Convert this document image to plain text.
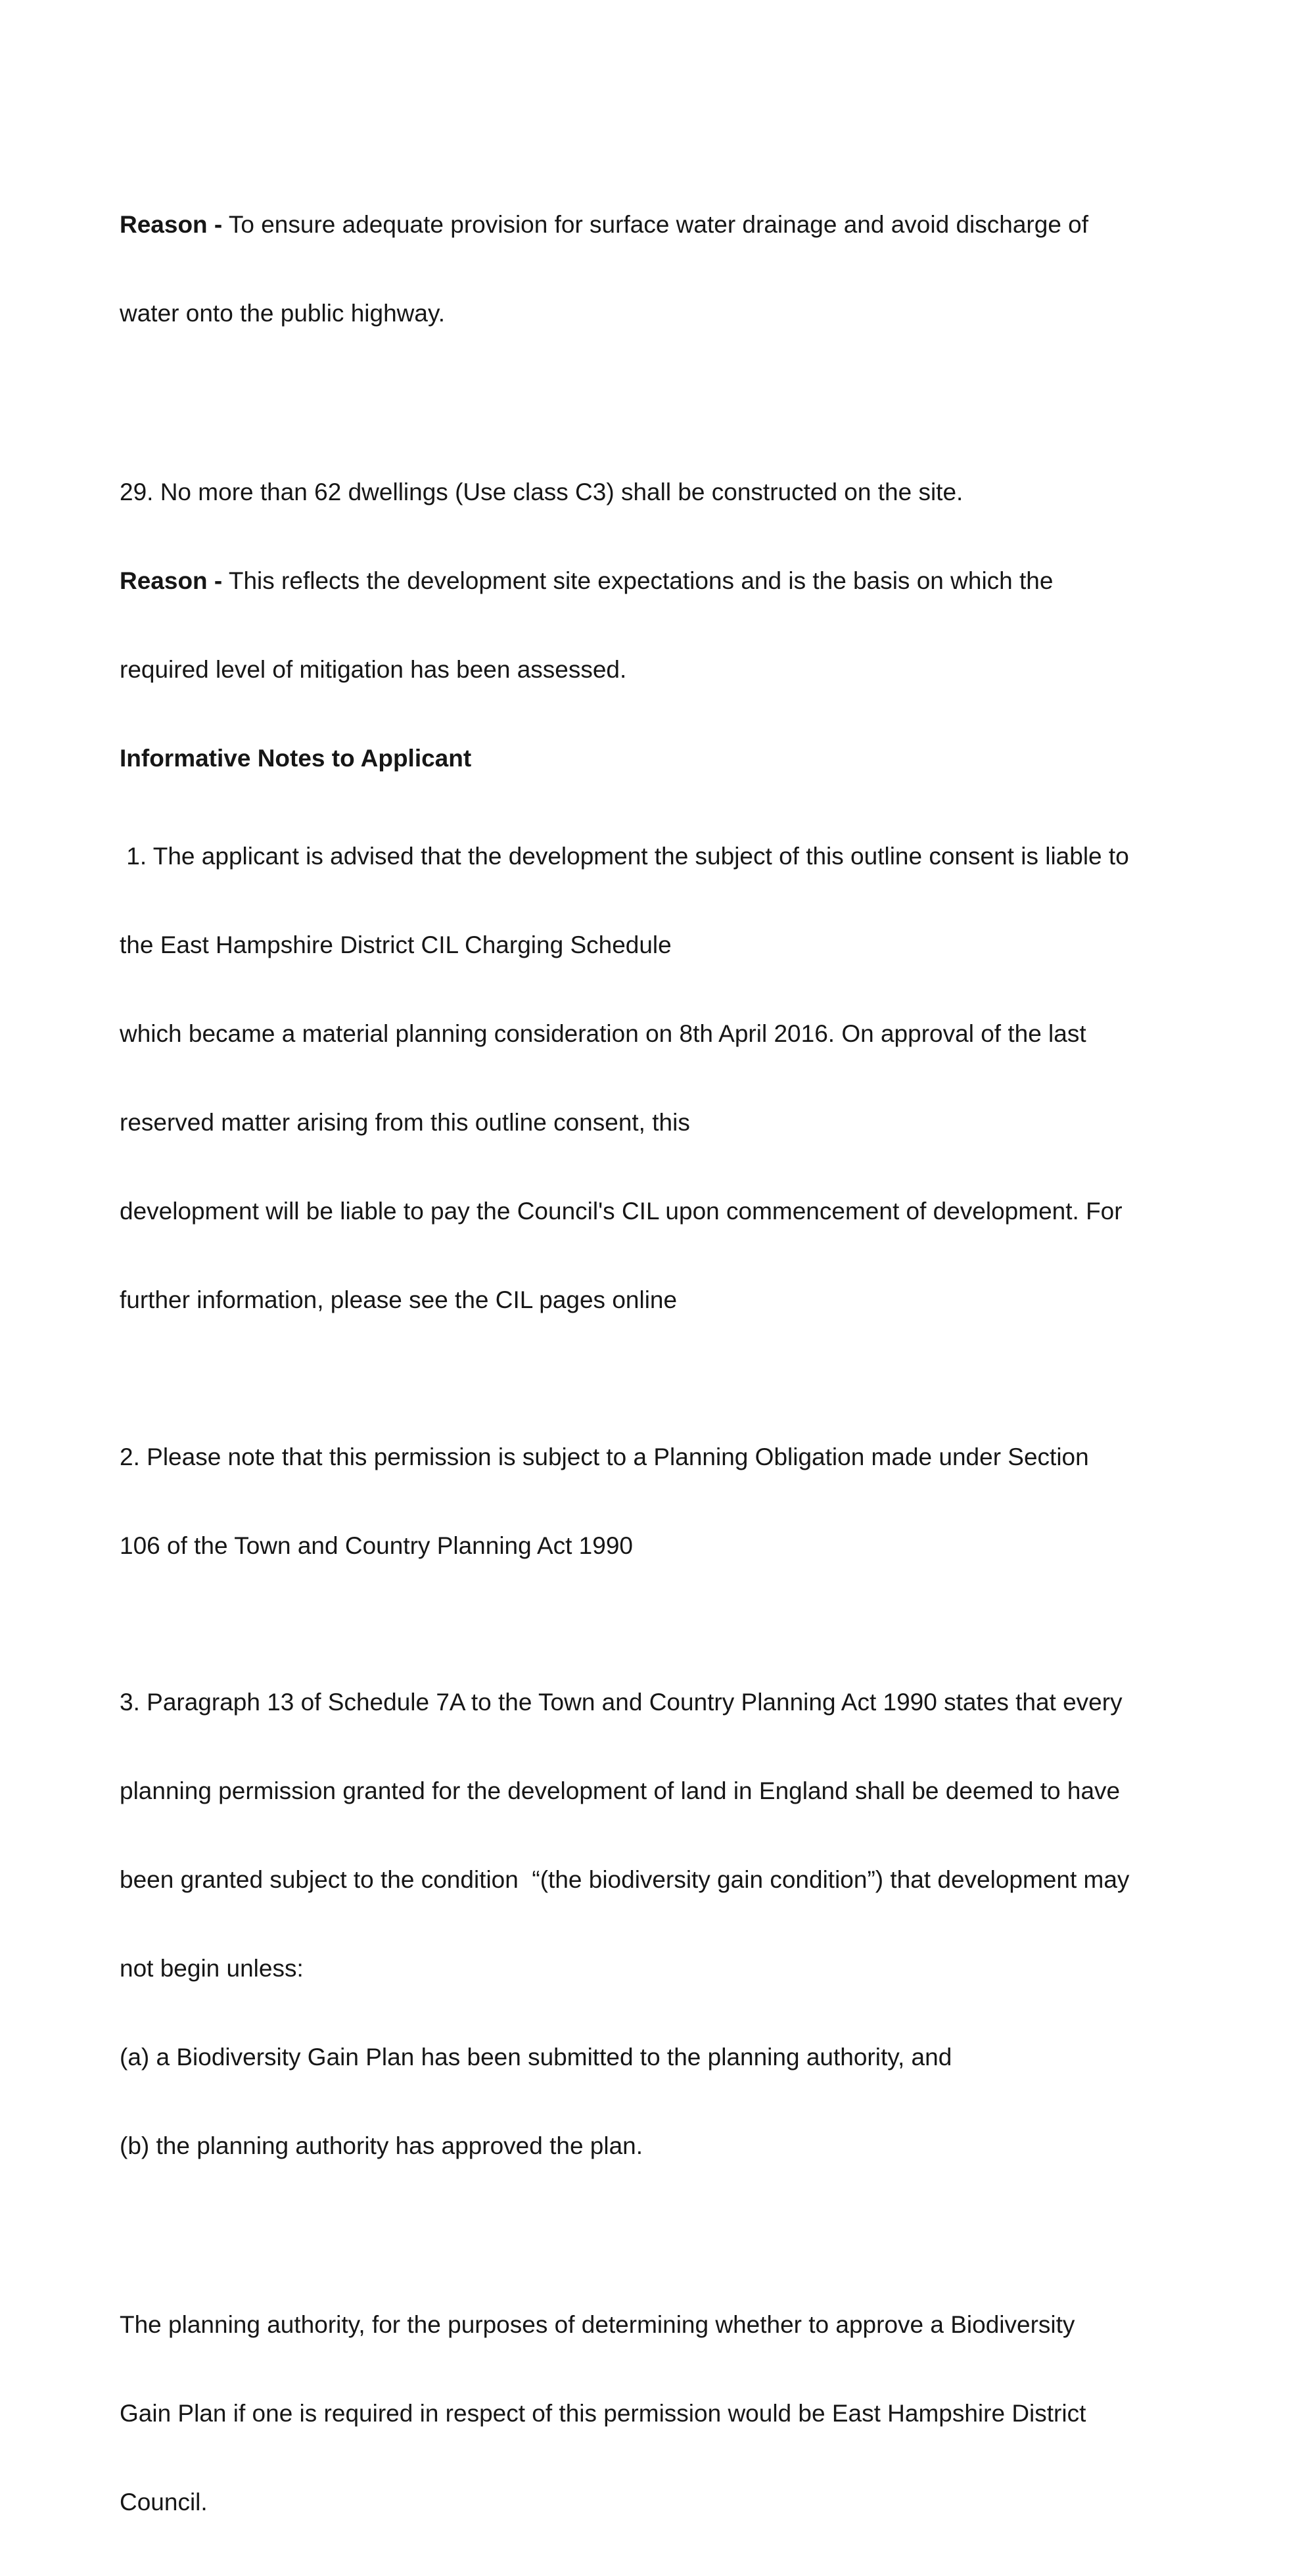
Reason - To ensure adequate provision for surface water drainage and avoid discharge of

water onto the public highway.

29. No more than 62 dwellings (Use class C3) shall be constructed on the site.

Reason - This reflects the development site expectations and is the basis on which the

required level of mitigation has been assessed.

Informative Notes to Applicant

1. The applicant is advised that the development the subject of this outline consent is liable to

the East Hampshire District CIL Charging Schedule

which became a material planning consideration on 8th April 2016. On approval of the last

reserved matter arising from this outline consent, this

development will be liable to pay the Council's CIL upon commencement of development. For

further information, please see the CIL pages online

2. Please note that this permission is subject to a Planning Obligation made under Section

106 of the Town and Country Planning Act 1990

3. Paragraph 13 of Schedule 7A to the Town and Country Planning Act 1990 states that every

planning permission granted for the development of land in England shall be deemed to have

been granted subject to the condition  “(the biodiversity gain condition”) that development may

not begin unless:

(a) a Biodiversity Gain Plan has been submitted to the planning authority, and

(b) the planning authority has approved the plan.

The planning authority, for the purposes of determining whether to approve a Biodiversity

Gain Plan if one is required in respect of this permission would be East Hampshire District

Council.
